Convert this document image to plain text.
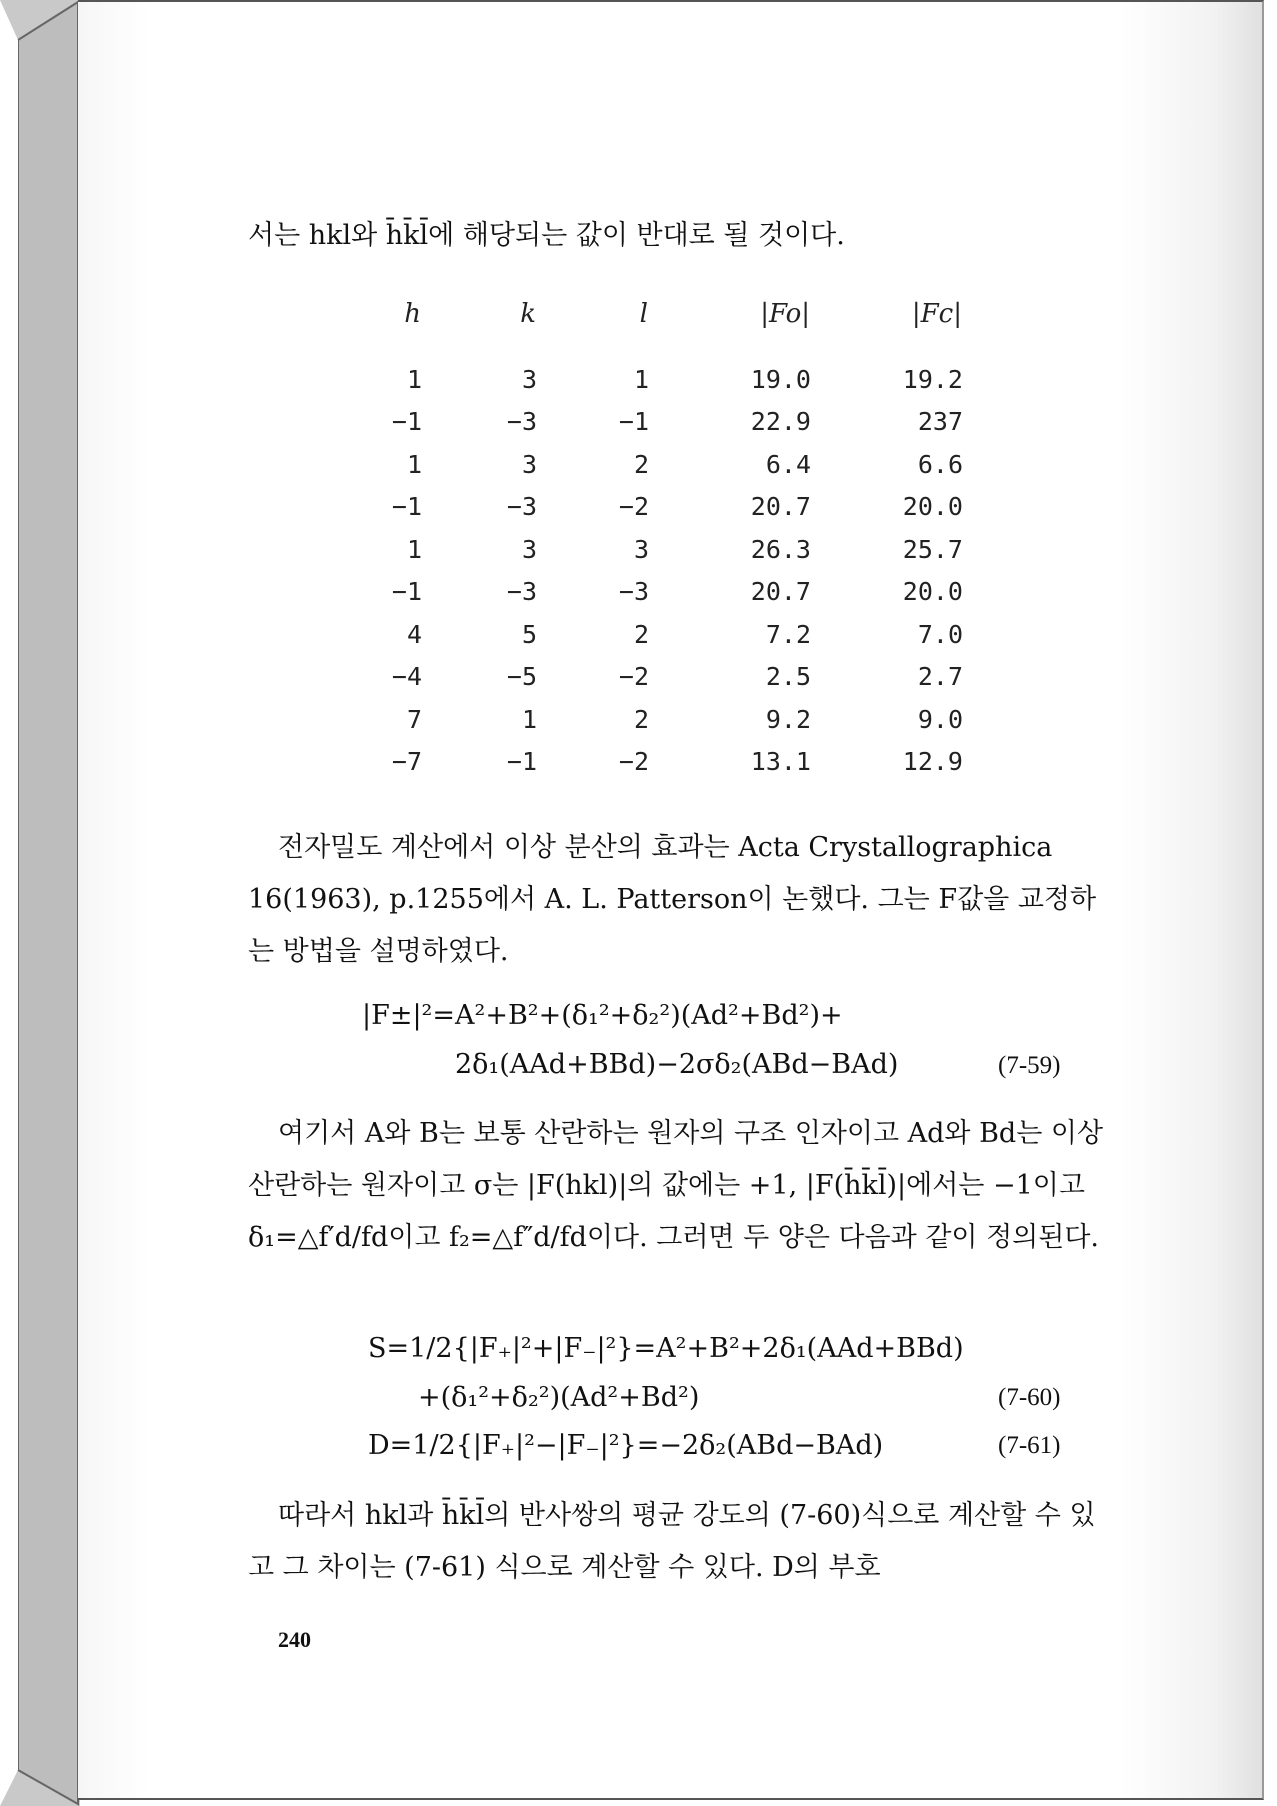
서는 hkl와 h̄k̄l̄에 해당되는 값이 반대로 될 것이다.
h	k	l	|Fo|	|Fc|
1	3	1	19.0	19.2
−1	−3	−1	22.9	237
1	3	2	6.4	6.6
−1	−3	−2	20.7	20.0
1	3	3	26.3	25.7
−1	−3	−3	20.7	20.0
4	5	2	7.2	7.0
−4	−5	−2	2.5	2.7
7	1	2	9.2	9.0
−7	−1	−2	13.1	12.9

전자밀도 계산에서 이상 분산의 효과는 Acta Crystallographica 16(1963), p.1255에서 A. L. Patterson이 논했다. 그는 F값을 교정하는 방법을 설명하였다.

|F±|²=A²+B²+(δ₁²+δ₂²)(Ad²+Bd²)+
2δ₁(AAd+BBd)−2σδ₂(ABd−BAd)	(7-59)

여기서 A와 B는 보통 산란하는 원자의 구조 인자이고 Ad와 Bd는 이상 산란하는 원자이고 σ는 |F(hkl)|의 값에는 +1, |F(h̄k̄l̄)|에서는 −1이고 δ₁=△f′d/fd이고 f₂=△f″d/fd이다. 그러면 두 양은 다음과 같이 정의된다.

S=1/2{|F₊|²+|F₋|²}=A²+B²+2δ₁(AAd+BBd)
+(δ₁²+δ₂²)(Ad²+Bd²)	(7-60)
D=1/2{|F₊|²−|F₋|²}=−2δ₂(ABd−BAd)	(7-61)

따라서 hkl과 h̄k̄l̄의 반사쌍의 평균 강도의 (7-60)식으로 계산할 수 있고 그 차이는 (7-61) 식으로 계산할 수 있다. D의 부호

240
